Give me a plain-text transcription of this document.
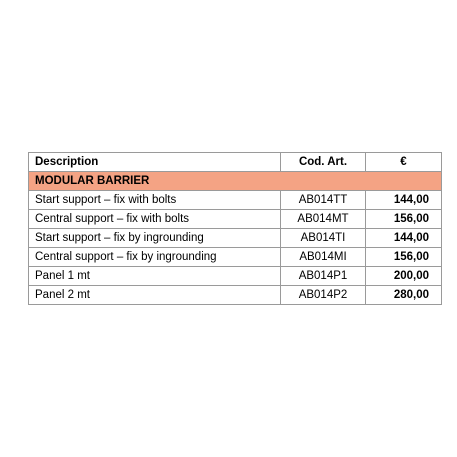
Description	Cod. Art.	€
MODULAR BARRIER		
Start support – fix with bolts	AB014TT	144,00
Central support – fix with bolts	AB014MT	156,00
Start support – fix by ingrounding	AB014TI	144,00
Central support – fix by ingrounding	AB014MI	156,00
Panel 1 mt	AB014P1	200,00
Panel 2 mt	AB014P2	280,00
